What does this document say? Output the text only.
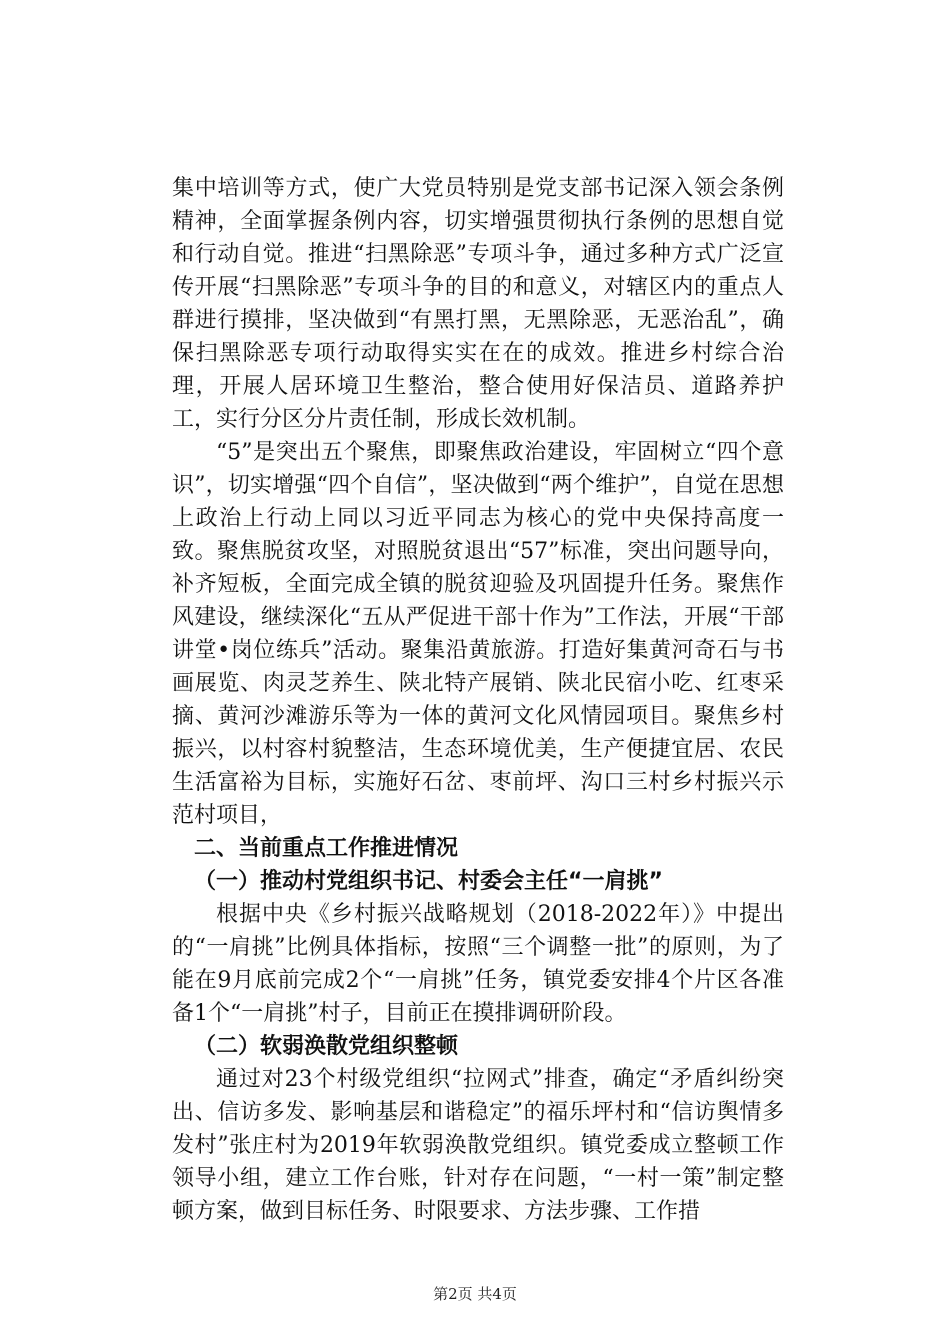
集中培训等方式，使广大党员特别是党支部书记深入领会条例精神，全面掌握条例内容，切实增强贯彻执行条例的思想自觉和行动自觉。推进“扫黑除恶”专项斗争，通过多种方式广泛宣传开展“扫黑除恶”专项斗争的目的和意义，对辖区内的重点人群进行摸排，坚决做到“有黑打黑，无黑除恶，无恶治乱”，确保扫黑除恶专项行动取得实实在在的成效。推进乡村综合治理，开展人居环境卫生整治，整合使用好保洁员、道路养护工，实行分区分片责任制，形成长效机制。

“5”是突出五个聚焦，即聚焦政治建设，牢固树立“四个意识”，切实增强“四个自信”，坚决做到“两个维护”，自觉在思想上政治上行动上同以习近平同志为核心的党中央保持高度一致。聚焦脱贫攻坚，对照脱贫退出“57”标准，突出问题导向，补齐短板，全面完成全镇的脱贫迎验及巩固提升任务。聚焦作风建设，继续深化“五从严促进干部十作为”工作法，开展“干部讲堂•岗位练兵”活动。聚集沿黄旅游。打造好集黄河奇石与书画展览、肉灵芝养生、陕北特产展销、陕北民宿小吃、红枣采摘、黄河沙滩游乐等为一体的黄河文化风情园项目。聚焦乡村振兴，以村容村貌整洁，生态环境优美，生产便捷宜居、农民生活富裕为目标，实施好石岔、枣前坪、沟口三村乡村振兴示范村项目，

二、当前重点工作推进情况

（一）推动村党组织书记、村委会主任“一肩挑”

根据中央《乡村振兴战略规划（2018-2022年）》中提出的“一肩挑”比例具体指标，按照“三个调整一批”的原则，为了能在9月底前完成2个“一肩挑”任务，镇党委安排4个片区各准备1个“一肩挑”村子，目前正在摸排调研阶段。

（二）软弱涣散党组织整顿

通过对23个村级党组织“拉网式”排查，确定“矛盾纠纷突出、信访多发、影响基层和谐稳定”的福乐坪村和“信访舆情多发村”张庄村为2019年软弱涣散党组织。镇党委成立整顿工作领导小组，建立工作台账，针对存在问题，“一村一策”制定整顿方案，做到目标任务、时限要求、方法步骤、工作措

第2页 共4页
